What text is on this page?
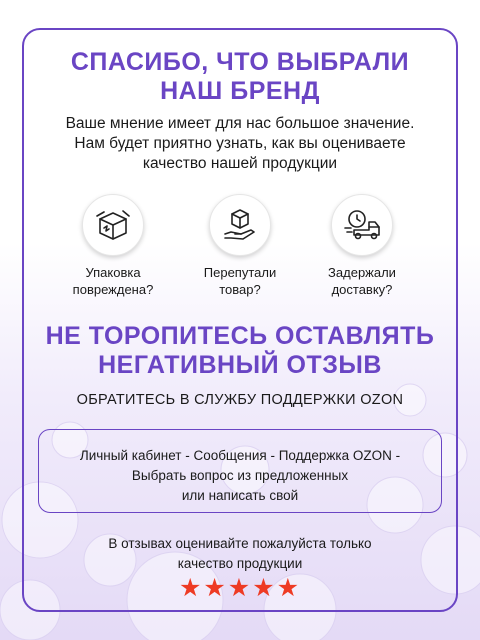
СПАСИБО, ЧТО ВЫБРАЛИ
НАШ БРЕНД

Ваше мнение имеет для нас большое значение.
Нам будет приятно узнать, как вы оцениваете
качество нашей продукции

Упаковка
повреждена?
Перепутали
товар?
Задержали
доставку?
НЕ ТОРОПИТЕСЬ ОСТАВЛЯТЬ
НЕГАТИВНЫЙ ОТЗЫВ

ОБРАТИТЕСЬ В СЛУЖБУ ПОДДЕРЖКИ OZON

Личный кабинет - Сообщения - Поддержка OZON -
Выбрать вопрос из предложенных
или написать свой

В отзывах оценивайте пожалуйста только
качество продукции

★★★★★
